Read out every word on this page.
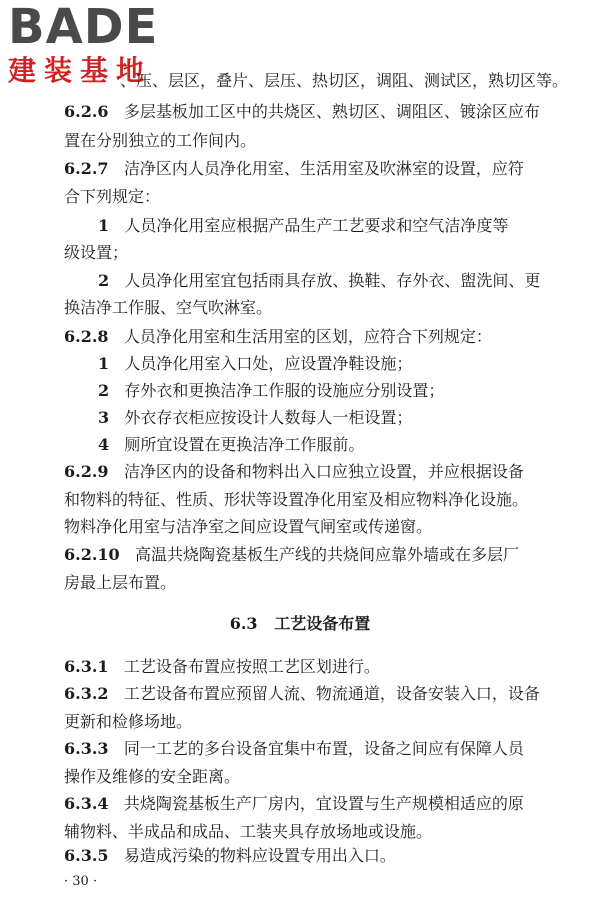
BADE
建装基地
、压、层区，叠片、层压、热切区，调阻、测试区，熟切区等。
6.2.6 多层基板加工区中的共烧区、熟切区、调阻区、镀涂区应布
置在分别独立的工作间内。
6.2.7 洁净区内人员净化用室、生活用室及吹淋室的设置，应符
合下列规定：
1 人员净化用室应根据产品生产工艺要求和空气洁净度等
级设置；
2 人员净化用室宜包括雨具存放、换鞋、存外衣、盥洗间、更
换洁净工作服、空气吹淋室。
6.2.8 人员净化用室和生活用室的区划，应符合下列规定：
1 人员净化用室入口处，应设置净鞋设施；
2 存外衣和更换洁净工作服的设施应分别设置；
3 外衣存衣柜应按设计人数每人一柜设置；
4 厕所宜设置在更换洁净工作服前。
6.2.9 洁净区内的设备和物料出入口应独立设置，并应根据设备
和物料的特征、性质、形状等设置净化用室及相应物料净化设施。
物料净化用室与洁净室之间应设置气闸室或传递窗。
6.2.10 高温共烧陶瓷基板生产线的共烧间应靠外墙或在多层厂
房最上层布置。
6.3 工艺设备布置
6.3.1 工艺设备布置应按照工艺区划进行。
6.3.2 工艺设备布置应预留人流、物流通道，设备安装入口，设备
更新和检修场地。
6.3.3 同一工艺的多台设备宜集中布置，设备之间应有保障人员
操作及维修的安全距离。
6.3.4 共烧陶瓷基板生产厂房内，宜设置与生产规模相适应的原
辅物料、半成品和成品、工装夹具存放场地或设施。
6.3.5 易造成污染的物料应设置专用出入口。
· 30 ·
